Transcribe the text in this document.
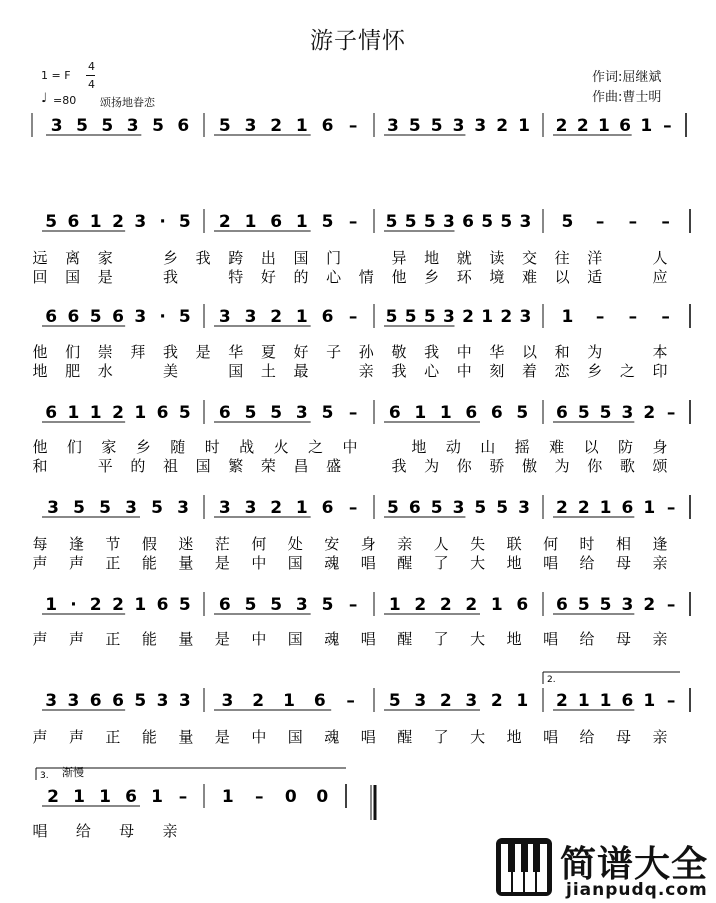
游子情怀
1 = F
4
4
♩ =80 颂扬地眷恋
作词:屈继斌
作曲:曹士明
3 5 5 3 5 6 5 3 2 1 6 – 3 5 5 3 3 2 1 2 2 1 6 1 –
5 6 1 2 3 · 5 2 1 6 1 5 – 5 5 5 3 6 5 5 3 5 – – –
远 离 家	乡 我 跨 出 国 门	异 地 就 读 交 往 洋	人
回 国 是	我	特 好 的 心 情 他 乡 环 境 难 以 适	应
6 6 5 6 3 · 5 3 3 2 1 6 – 5 5 5 3 2 1 2 3 1 – – –
他 们 崇 拜 我 是 华 夏 好 子 孙 敬 我 中 华 以 和 为	本
地 肥 水	美	国 土 最	亲 我 心 中 刻 着 恋 乡 之 印
6 1 1 2 1 6 5 6 5 5 3 5 – 6 1 1 6 6 5 6 5 5 3 2 –
他 们 家 乡 随 时 战 火 之 中	地 动 山 摇 难 以 防 身
和	平 的 祖 国 繁 荣 昌 盛	我 为 你 骄 傲 为 你 歌 颂
3 5 5 3 5 3 3 3 2 1 6 – 5 6 5 3 5 5 3 2 2 1 6 1 –
每 逢 节 假 迷 茫 何 处 安 身 亲 人 失 联 何 时 相 逢
声 声 正 能 量 是 中 国 魂 唱 醒 了 大 地 唱 给 母 亲
1 · 2 2 1 6 5 6 5 5 3 5 – 1 2 2 2 1 6 6 5 5 3 2 –
声 声 正 能 量 是 中 国 魂 唱 醒 了 大 地 唱 给 母 亲
3 3 6 6 5 3 3 3 2 1 6 – 5 3 2 3 2 1 2 1 1 6 1 –
2.
声 声 正 能 量 是 中 国 魂 唱 醒 了 大 地 唱 给 母 亲
2 1 1 6 1 – 1 – 0 0
3. 渐慢
唱 给 母 亲
简谱大全
jianpudq.com
